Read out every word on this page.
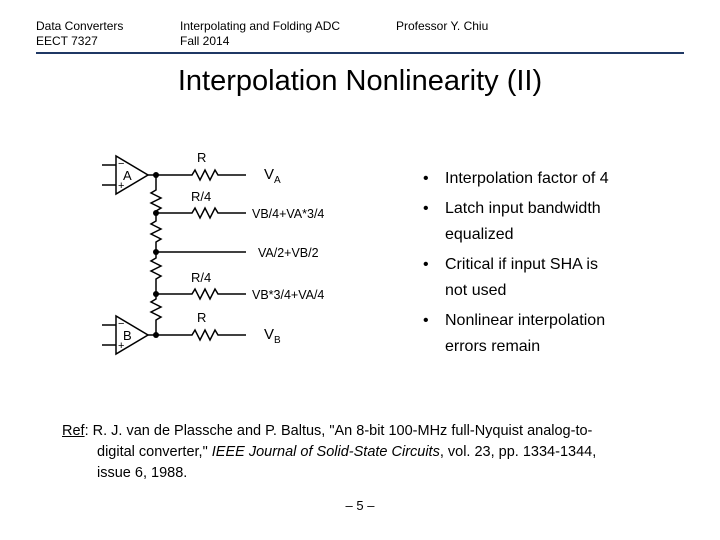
Data Converters
EECT 7327
Interpolating and Folding ADC
Fall 2014
Professor Y. Chiu
Interpolation Nonlinearity (II)
−
+
−
+
A
B
R
R/4
R/4
R
$V_A$
VB/4+VA*3/4
VA/2+VB/2
VB*3/4+VA/4
$V_B$
•	Interpolation factor of 4
•	Latch input bandwidth
equalized
•	Critical if input SHA is
not used
•	Nonlinear interpolation
errors remain
Ref: R. J. van de Plassche and P. Baltus, "An 8-bit 100-MHz full-Nyquist analog-to-
digital converter," IEEE Journal of Solid-State Circuits, vol. 23, pp. 1334-1344,
issue 6, 1988.
– 5 –
